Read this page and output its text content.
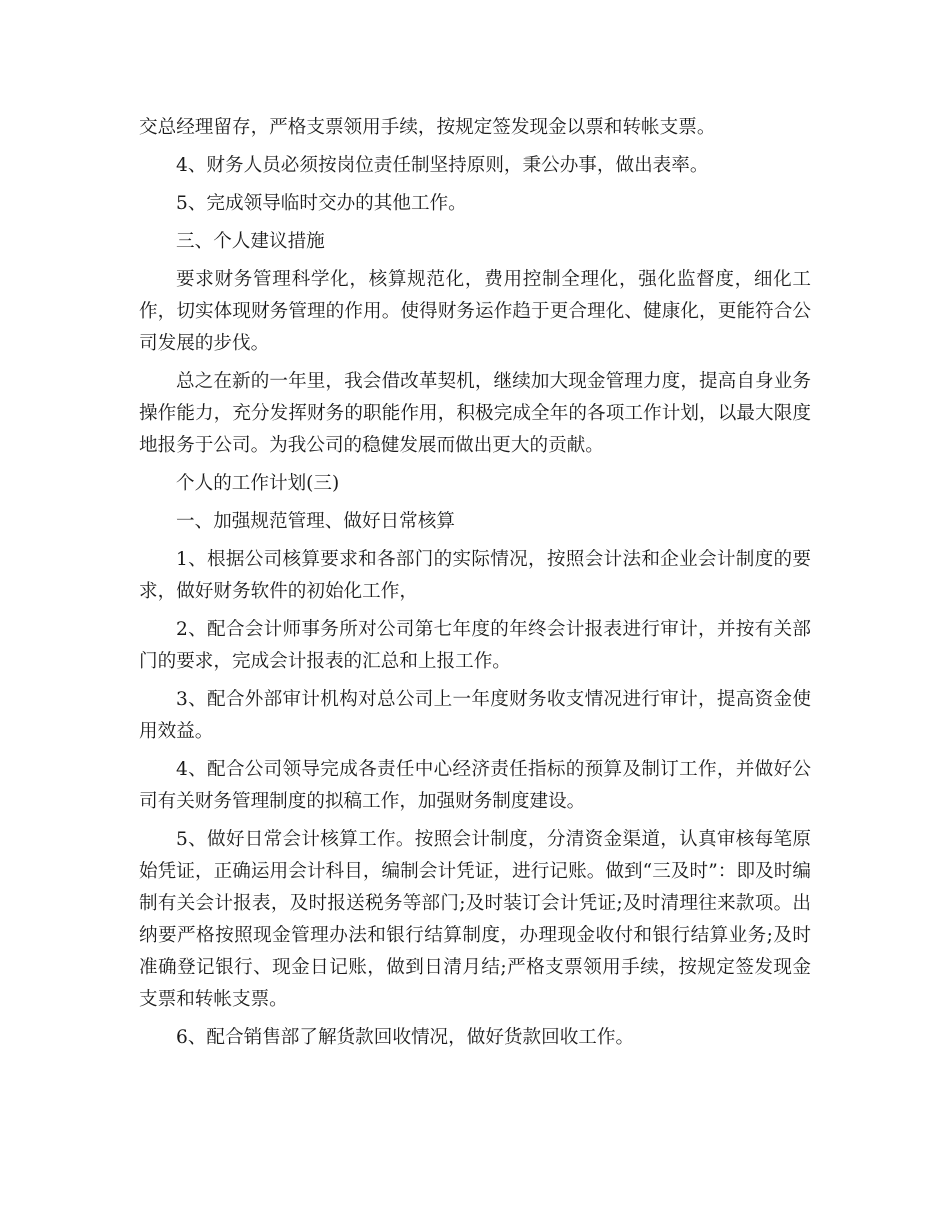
交总经理留存，严格支票领用手续，按规定签发现金以票和转帐支票。

4、财务人员必须按岗位责任制坚持原则，秉公办事，做出表率。

5、完成领导临时交办的其他工作。

三、个人建议措施

要求财务管理科学化，核算规范化，费用控制全理化，强化监督度，细化工作，切实体现财务管理的作用。使得财务运作趋于更合理化、健康化，更能符合公司发展的步伐。

总之在新的一年里，我会借改革契机，继续加大现金管理力度，提高自身业务操作能力，充分发挥财务的职能作用，积极完成全年的各项工作计划，以最大限度地报务于公司。为我公司的稳健发展而做出更大的贡献。

个人的工作计划(三)

一、加强规范管理、做好日常核算

1、根据公司核算要求和各部门的实际情况，按照会计法和企业会计制度的要求，做好财务软件的初始化工作，

2、配合会计师事务所对公司第七年度的年终会计报表进行审计，并按有关部门的要求，完成会计报表的汇总和上报工作。

3、配合外部审计机构对总公司上一年度财务收支情况进行审计，提高资金使用效益。

4、配合公司领导完成各责任中心经济责任指标的预算及制订工作，并做好公司有关财务管理制度的拟稿工作，加强财务制度建设。

5、做好日常会计核算工作。按照会计制度，分清资金渠道，认真审核每笔原始凭证，正确运用会计科目，编制会计凭证，进行记账。做到“三及时”：即及时编制有关会计报表，及时报送税务等部门;及时装订会计凭证;及时清理往来款项。出纳要严格按照现金管理办法和银行结算制度，办理现金收付和银行结算业务;及时准确登记银行、现金日记账，做到日清月结;严格支票领用手续，按规定签发现金支票和转帐支票。

6、配合销售部了解货款回收情况，做好货款回收工作。
